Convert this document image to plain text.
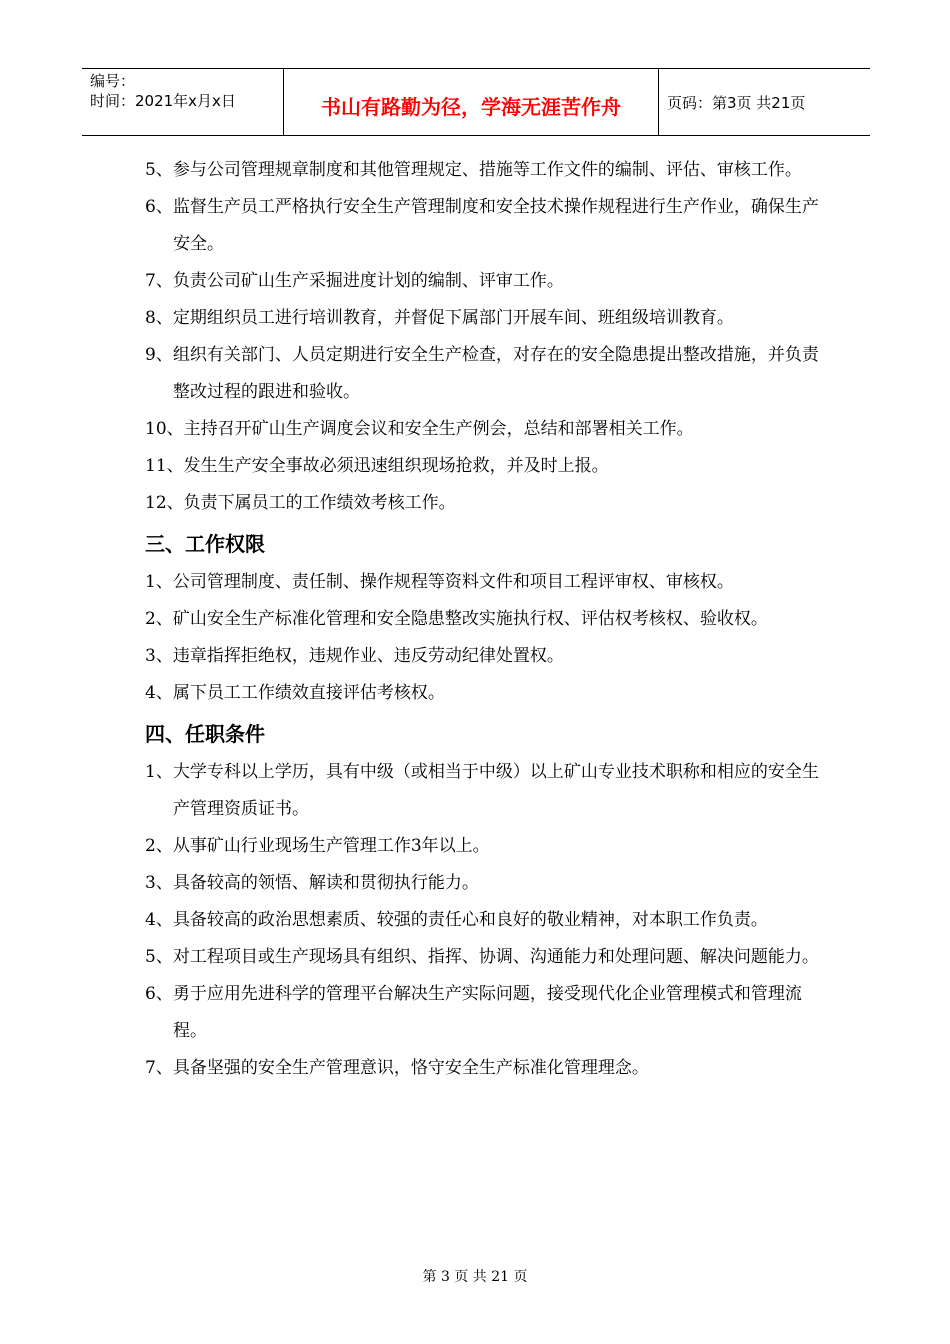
编号：
时间：2021年x月x日	书山有路勤为径，学海无涯苦作舟	页码：第3页 共21页

5、参与公司管理规章制度和其他管理规定、措施等工作文件的编制、评估、审核工作。

6、监督生产员工严格执行安全生产管理制度和安全技术操作规程进行生产作业，确保生产安全。

7、负责公司矿山生产采掘进度计划的编制、评审工作。

8、定期组织员工进行培训教育，并督促下属部门开展车间、班组级培训教育。

9、组织有关部门、人员定期进行安全生产检查，对存在的安全隐患提出整改措施，并负责整改过程的跟进和验收。

10、主持召开矿山生产调度会议和安全生产例会，总结和部署相关工作。

11、发生生产安全事故必须迅速组织现场抢救，并及时上报。

12、负责下属员工的工作绩效考核工作。

三、工作权限

1、公司管理制度、责任制、操作规程等资料文件和项目工程评审权、审核权。

2、矿山安全生产标准化管理和安全隐患整改实施执行权、评估权考核权、验收权。

3、违章指挥拒绝权，违规作业、违反劳动纪律处置权。

4、属下员工工作绩效直接评估考核权。

四、任职条件

1、大学专科以上学历，具有中级（或相当于中级）以上矿山专业技术职称和相应的安全生产管理资质证书。

2、从事矿山行业现场生产管理工作3年以上。

3、具备较高的领悟、解读和贯彻执行能力。

4、具备较高的政治思想素质、较强的责任心和良好的敬业精神，对本职工作负责。

5、对工程项目或生产现场具有组织、指挥、协调、沟通能力和处理问题、解决问题能力。

6、勇于应用先进科学的管理平台解决生产实际问题，接受现代化企业管理模式和管理流程。

7、具备坚强的安全生产管理意识，恪守安全生产标准化管理理念。

第 3 页 共 21 页
